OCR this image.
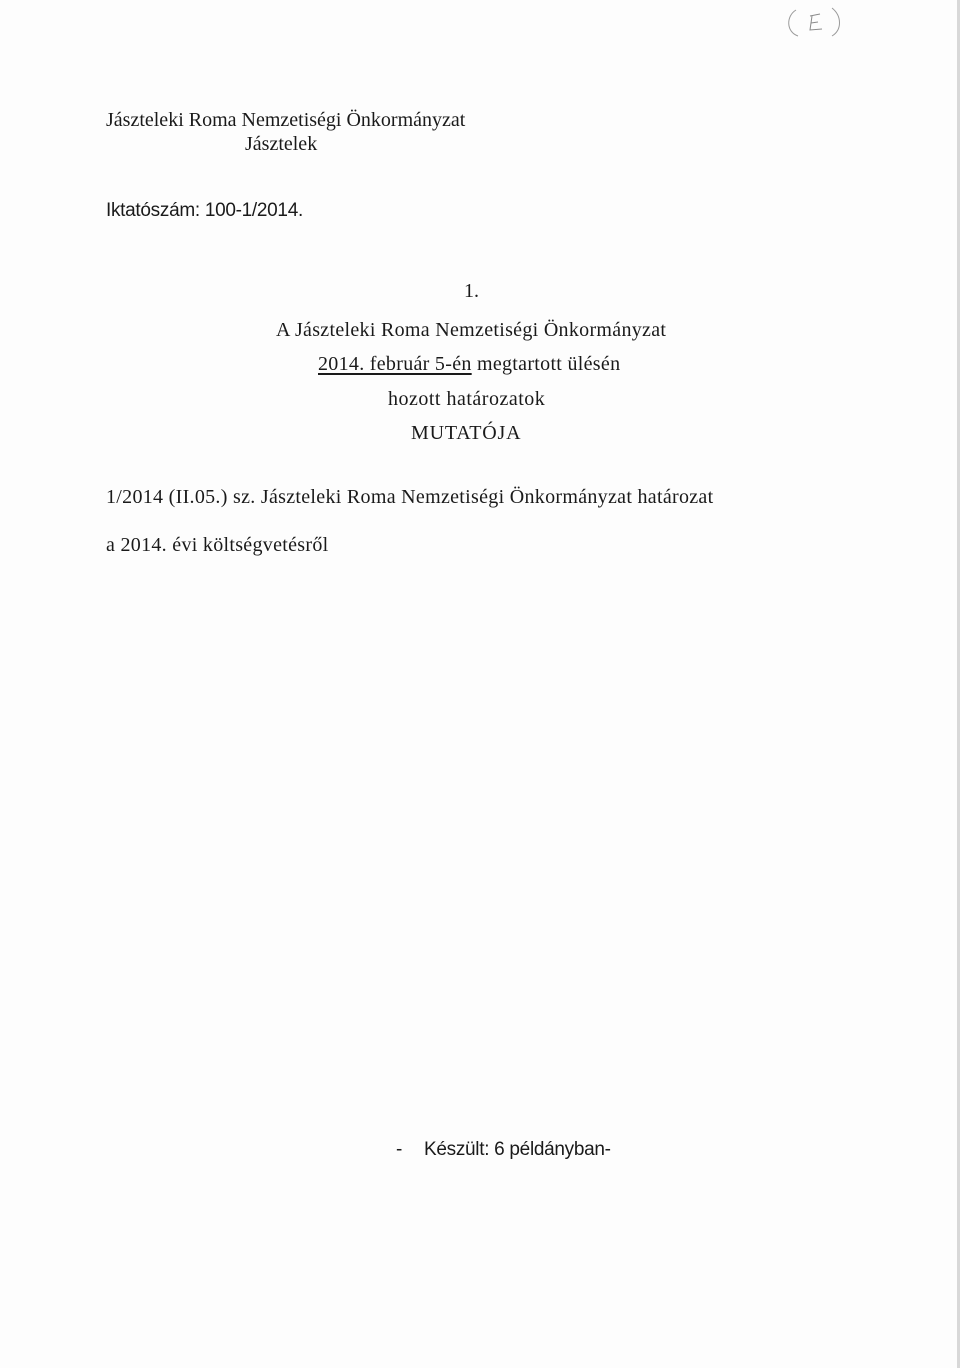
Jászteleki Roma Nemzetiségi Önkormányzat
Jásztelek
Iktatószám: 100-1/2014.
1.
A Jászteleki Roma Nemzetiségi Önkormányzat
2014. február 5-én megtartott ülésén
hozott határozatok
MUTATÓJA
1/2014 (II.05.) sz. Jászteleki Roma Nemzetiségi Önkormányzat határozat
a 2014. évi költségvetésről
- Készült: 6 példányban-
